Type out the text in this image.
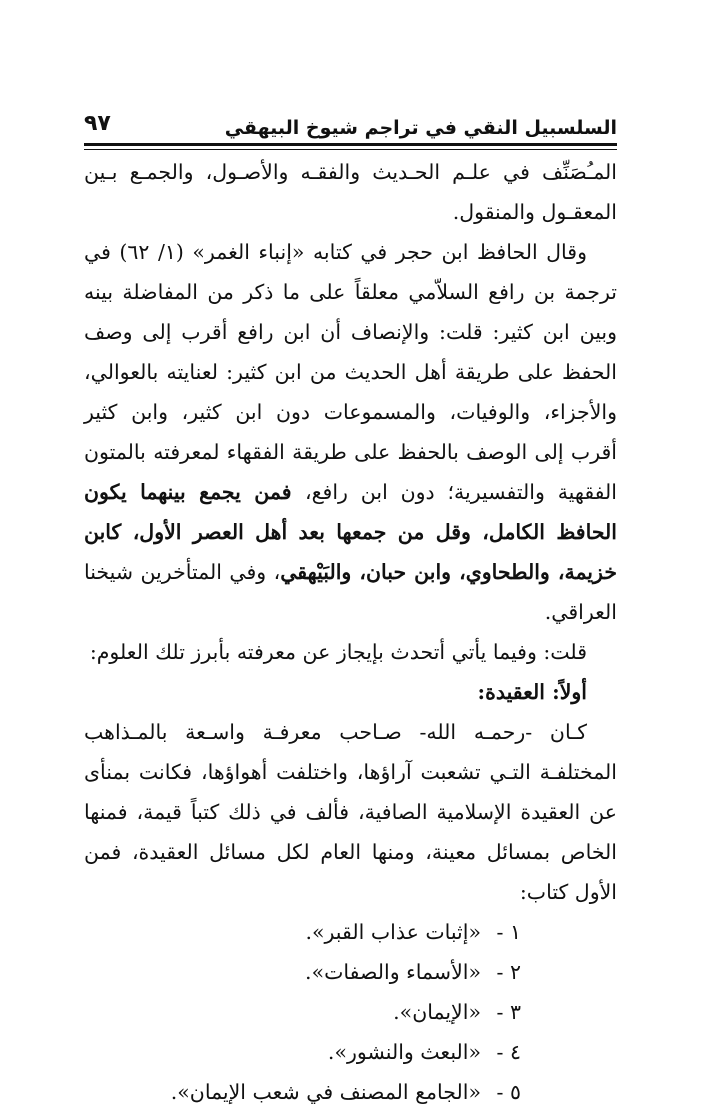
السلسبيل النقي في تراجم شيوخ البيهقي
٩٧

المـُصَنِّف في علـم الحـديث والفقـه والأصـول، والجمـع بـين المعقـول والمنقول.

وقال الحافظ ابن حجر في كتابه «إنباء الغمر» (١/ ٦٢) في ترجمة بن رافع السلاّمي معلقاً على ما ذكر من المفاضلة بينه وبين ابن كثير: قلت: والإنصاف أن ابن رافع أقرب إلى وصف الحفظ على طريقة أهل الحديث من ابن كثير: لعنايته بالعوالي، والأجزاء، والوفيات، والمسموعات دون ابن كثير، وابن كثير أقرب إلى الوصف بالحفظ على طريقة الفقهاء لمعرفته بالمتون الفقهية والتفسيرية؛ دون ابن رافع، فمن يجمع بينهما يكون الحافظ الكامل، وقل من جمعها بعد أهل العصر الأول، كابن خزيمة، والطحاوي، وابن حبان، والبَيْهقي، وفي المتأخرين شيخنا العراقي.

قلت: وفيما يأتي أتحدث بإيجاز عن معرفته بأبرز تلك العلوم:

أولاً: العقيدة:

كـان -رحمـه الله- صـاحب معرفـة واسـعة بالمـذاهب المختلفـة التـي تشعبت آراؤها، واختلفت أهواؤها، فكانت بمنأى عن العقيدة الإسلامية الصافية، فألف في ذلك كتباً قيمة، فمنها الخاص بمسائل معينة، ومنها العام لكل مسائل العقيدة، فمن الأول كتاب:

١ -
«إثبات عذاب القبر».
٢ -
«الأسماء والصفات».
٣ -
«الإيمان».
٤ -
«البعث والنشور».
٥ -
«الجامع المصنف في شعب الإيمان».
